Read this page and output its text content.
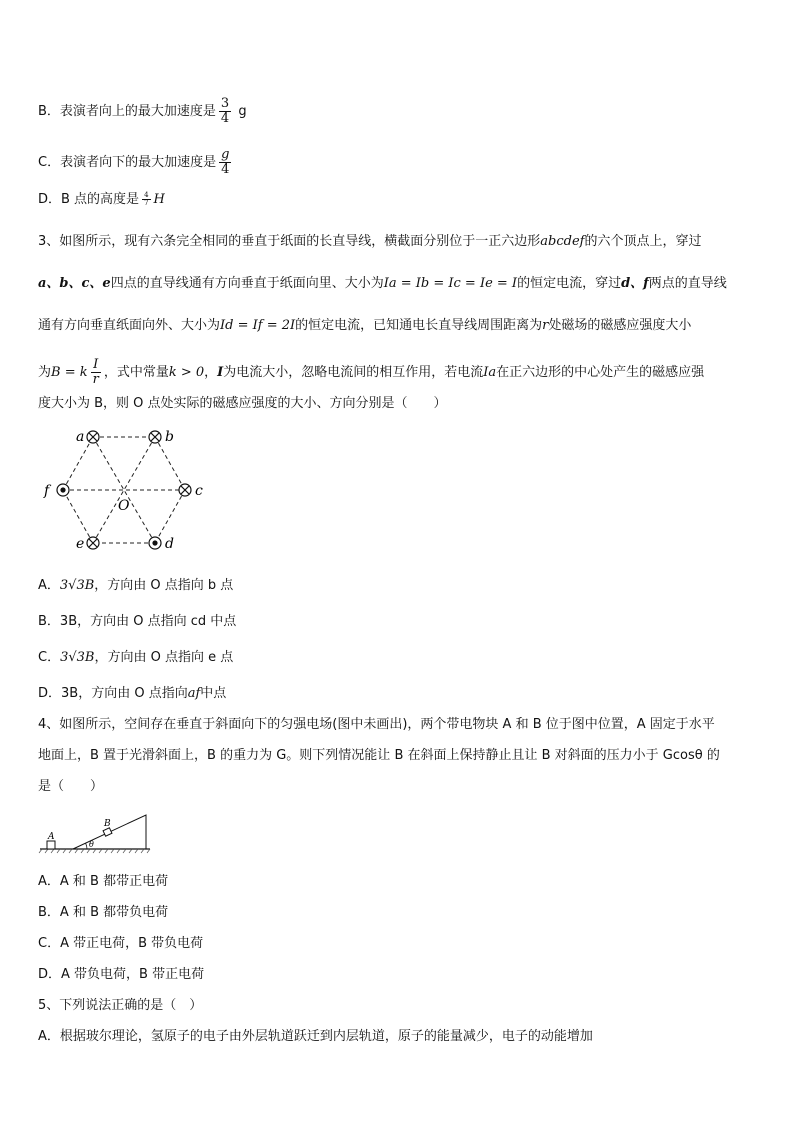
B．表演者向上的最大加速度是 $\frac{3}{4}$ g
C．表演者向下的最大加速度是 $\frac{g}{4}$
D．B 点的高度是 $\frac{4}{7}$ H
3、如图所示，现有六条完全相同的垂直于纸面的长直导线，横截面分别位于一正六边形abcdef的六个顶点上，穿过
a、b、c、e四点的直导线通有方向垂直于纸面向里、大小为Ia = Ib = Ic = Ie = I的恒定电流，穿过d、f两点的直导线
通有方向垂直纸面向外、大小为Id = If = 2I的恒定电流，已知通电长直导线周围距离为r处磁场的磁感应强度大小
为B = k $\frac{I}{r}$ ，式中常量k > 0，I为电流大小，忽略电流间的相互作用，若电流Ia在正六边形的中心处产生的磁感应强
度大小为 B，则 O 点处实际的磁感应强度的大小、方向分别是（　　）
a	b
c
d
e
f
O
A．3√3B，方向由 O 点指向 b 点
B．3B，方向由 O 点指向 cd 中点
C．3√3B，方向由 O 点指向 e 点
D．3B，方向由 O 点指向af中点
4、如图所示，空间存在垂直于斜面向下的匀强电场(图中未画出)，两个带电物块 A 和 B 位于图中位置，A 固定于水平
地面上，B 置于光滑斜面上，B 的重力为 G。则下列情况能让 B 在斜面上保持静止且让 B 对斜面的压力小于 Gcosθ 的
是（　　）
A
B
θ
A．A 和 B 都带正电荷
B．A 和 B 都带负电荷
C．A 带正电荷，B 带负电荷
D．A 带负电荷，B 带正电荷
5、下列说法正确的是（　）
A．根据玻尔理论，氢原子的电子由外层轨道跃迁到内层轨道，原子的能量减少，电子的动能增加
